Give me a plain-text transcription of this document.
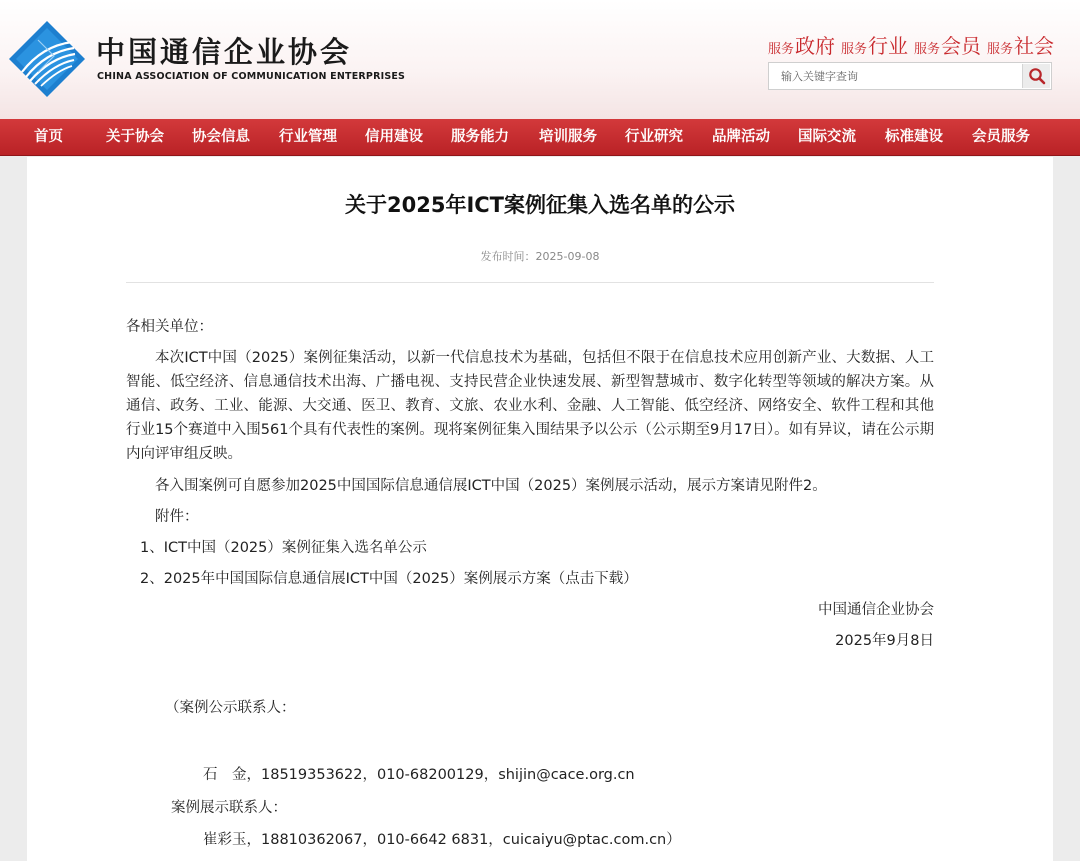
中国通信企业协会
CHINA ASSOCIATION OF COMMUNICATION ENTERPRISES
服务 政府 服务 行业 服务 会员 服务 社会
输入关键字查询
首页	关于协会 协会信息 行业管理 信用建设 服务能力 培训服务 行业研究 品牌活动 国际交流 标准建设 会员服务
关于2025年ICT案例征集入选名单的公示
发布时间：2025-09-08
各相关单位：

本次ICT中国（2025）案例征集活动，以新一代信息技术为基础，包括但不限于在信息技术应用创新产业、大数据、人工智能、低空经济、信息通信技术出海、广播电视、支持民营企业快速发展、新型智慧城市、数字化转型等领域的解决方案。从通信、政务、工业、能源、大交通、医卫、教育、文旅、农业水利、金融、人工智能、低空经济、网络安全、软件工程和其他行业15个赛道中入围561个具有代表性的案例。现将案例征集入围结果予以公示（公示期至9月17日）。如有异议，请在公示期内向评审组反映。

各入围案例可自愿参加2025中国国际信息通信展ICT中国（2025）案例展示活动，展示方案请见附件2。
附件：
1、ICT中国（2025）案例征集入选名单公示
2、2025年中国国际信息通信展ICT中国（2025）案例展示方案（点击下载）
中国通信企业协会
2025年9月8日
（案例公示联系人：
石　金，18519353622，010-68200129，shijin@cace.org.cn
案例展示联系人：
崔彩玉，18810362067，010-6642 6831，cuicaiyu@ptac.com.cn）
